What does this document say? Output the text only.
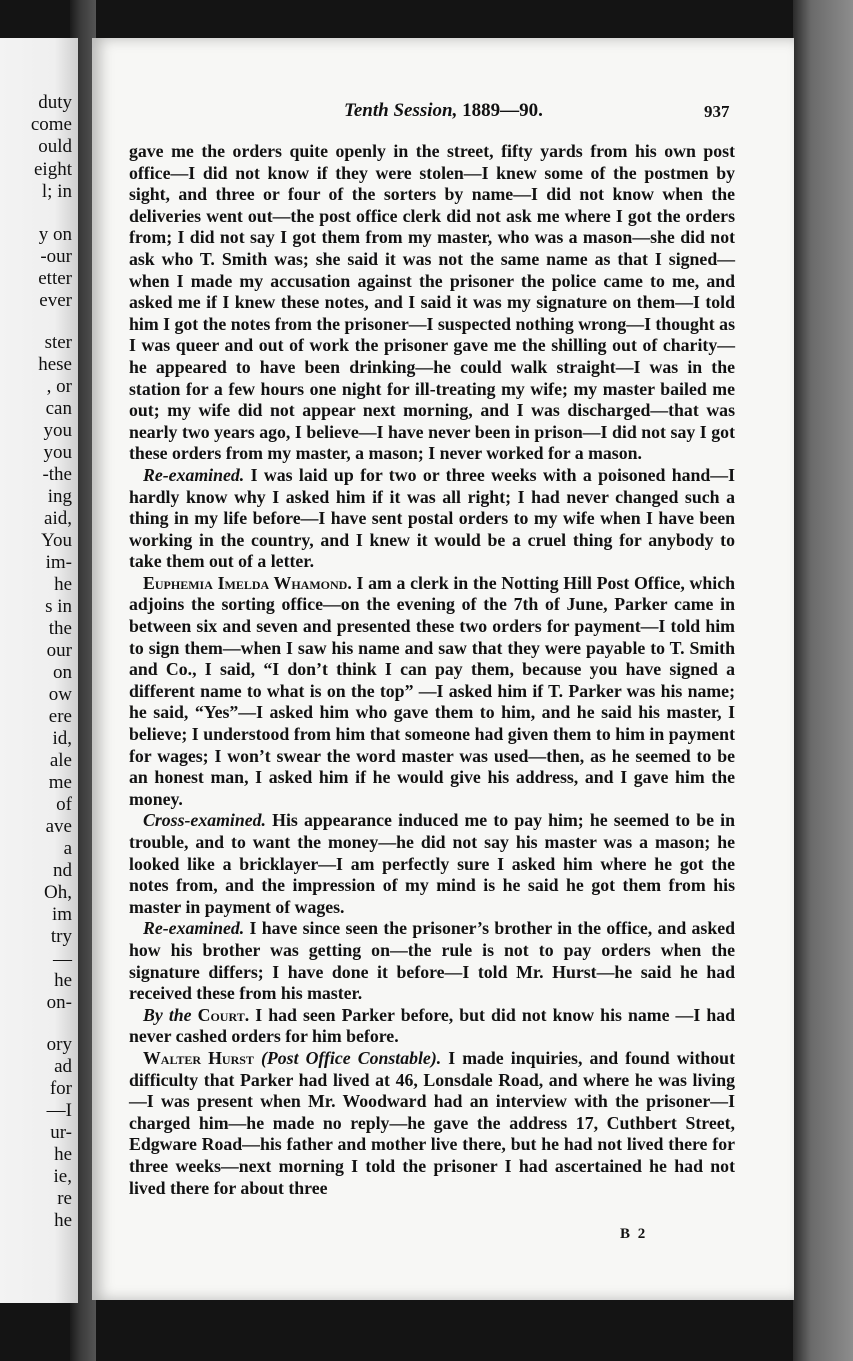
duty
come
ould
eight
l; in
y on
-our
etter
ever
ster
hese
, or
can
you
you
-the
ing
aid,
You
im-
he
s in
the
our
on
ow
ere
id,
ale
me
of
ave
a
nd
Oh,
im
try
—
he
on-
ory
ad
for
—I
ur-
he
ie,
re
he
Tenth Session, 1889—90.	937

gave me the orders quite openly in the street, fifty yards from his own post office—I did not know if they were stolen—I knew some of the postmen by sight, and three or four of the sorters by name—I did not know when the deliveries went out—the post office clerk did not ask me where I got the orders from; I did not say I got them from my master, who was a mason—she did not ask who T. Smith was; she said it was not the same name as that I signed—when I made my accusation against the prisoner the police came to me, and asked me if I knew these notes, and I said it was my signature on them—I told him I got the notes from the prisoner—I suspected nothing wrong—I thought as I was queer and out of work the prisoner gave me the shilling out of charity—he appeared to have been drinking—he could walk straight—I was in the station for a few hours one night for ill-treating my wife; my master bailed me out; my wife did not appear next morning, and I was discharged—that was nearly two years ago, I believe—I have never been in prison—I did not say I got these orders from my master, a mason; I never worked for a mason.

Re-examined. I was laid up for two or three weeks with a poisoned hand—I hardly know why I asked him if it was all right; I had never changed such a thing in my life before—I have sent postal orders to my wife when I have been working in the country, and I knew it would be a cruel thing for anybody to take them out of a letter.

Euphemia Imelda Whamond. I am a clerk in the Notting Hill Post Office, which adjoins the sorting office—on the evening of the 7th of June, Parker came in between six and seven and presented these two orders for payment—I told him to sign them—when I saw his name and saw that they were payable to T. Smith and Co., I said, “I don’t think I can pay them, because you have signed a different name to what is on the top” —I asked him if T. Parker was his name; he said, “Yes”—I asked him who gave them to him, and he said his master, I believe; I understood from him that someone had given them to him in payment for wages; I won’t swear the word master was used—then, as he seemed to be an honest man, I asked him if he would give his address, and I gave him the money.

Cross-examined. His appearance induced me to pay him; he seemed to be in trouble, and to want the money—he did not say his master was a mason; he looked like a bricklayer—I am perfectly sure I asked him where he got the notes from, and the impression of my mind is he said he got them from his master in payment of wages.

Re-examined. I have since seen the prisoner’s brother in the office, and asked how his brother was getting on—the rule is not to pay orders when the signature differs; I have done it before—I told Mr. Hurst—he said he had received these from his master.

By the Court. I had seen Parker before, but did not know his name —I had never cashed orders for him before.

Walter Hurst (Post Office Constable). I made inquiries, and found without difficulty that Parker had lived at 46, Lonsdale Road, and where he was living—I was present when Mr. Woodward had an interview with the prisoner—I charged him—he made no reply—he gave the address 17, Cuthbert Street, Edgware Road—his father and mother live there, but he had not lived there for three weeks—next morning I told the prisoner I had ascertained he had not lived there for about three

B 2
